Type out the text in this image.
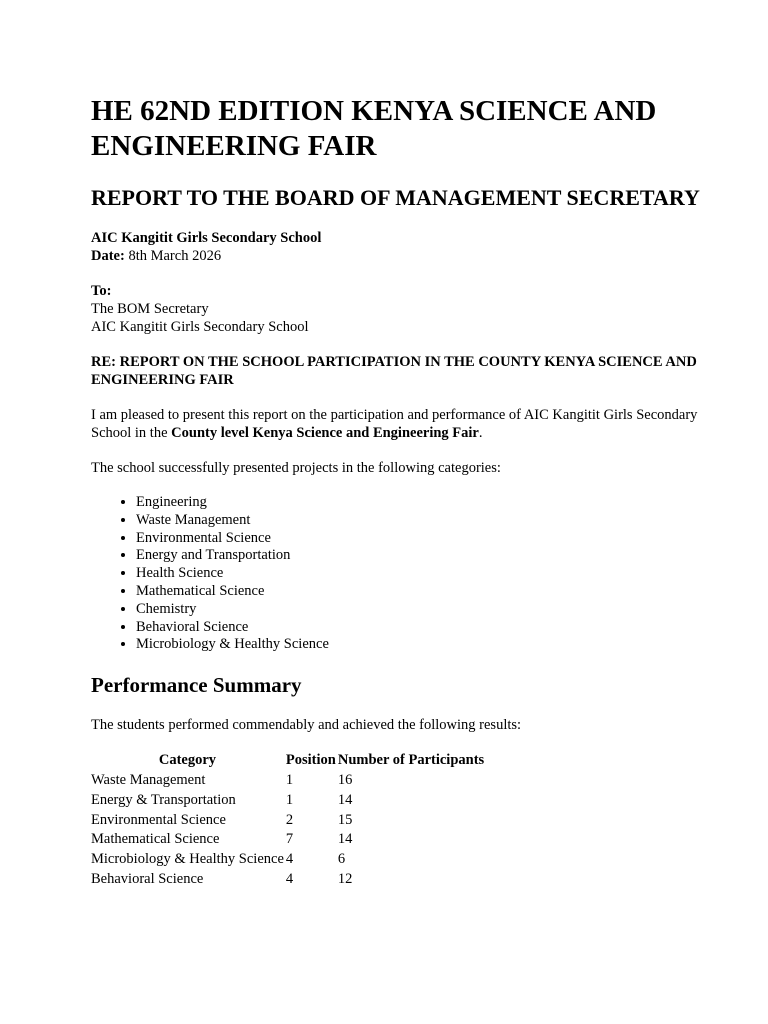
HE 62ND EDITION KENYA SCIENCE AND ENGINEERING FAIR
REPORT TO THE BOARD OF MANAGEMENT SECRETARY

AIC Kangitit Girls Secondary School
Date: 8th March 2026

To:
The BOM Secretary
AIC Kangitit Girls Secondary School

RE: REPORT ON THE SCHOOL PARTICIPATION IN THE COUNTY KENYA SCIENCE AND ENGINEERING FAIR

I am pleased to present this report on the participation and performance of AIC Kangitit Girls Secondary School in the County level Kenya Science and Engineering Fair.

The school successfully presented projects in the following categories:

• Engineering
• Waste Management
• Environmental Science
• Energy and Transportation
• Health Science
• Mathematical Science
• Chemistry
• Behavioral Science
• Microbiology & Healthy Science
Performance Summary

The students performed commendably and achieved the following results:

Category	Position	Number of Participants
Waste Management	1	16
Energy & Transportation	1	14
Environmental Science	2	15
Mathematical Science	7	14
Microbiology & Healthy Science	4	6
Behavioral Science	4	12
